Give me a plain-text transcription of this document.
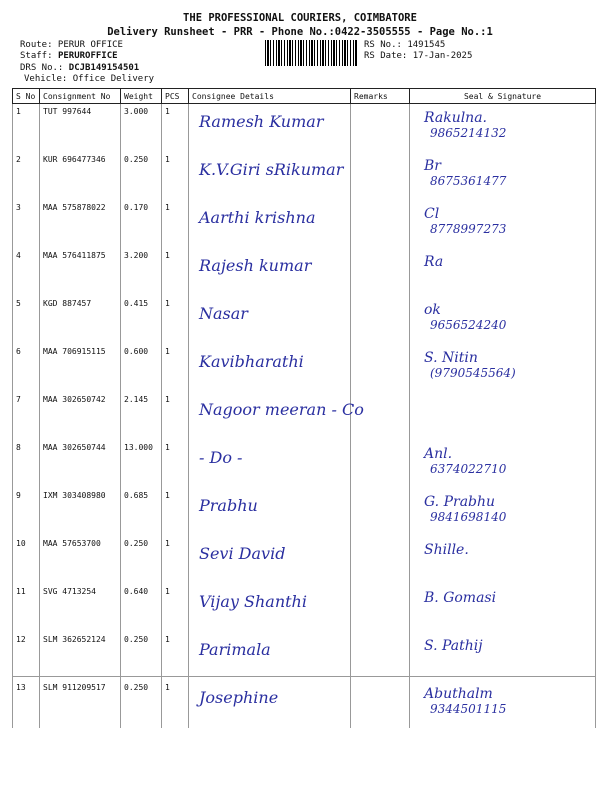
THE PROFESSIONAL COURIERS, COIMBATORE
Delivery Runsheet - PRR - Phone No.:0422-3505555 - Page No.:1
Route: PERUR OFFICE
Staff: PERUROFFICE
DRS No.: DCJB149154501
Vehicle: Office Delivery
RS No.: 1491545
RS Date: 17-Jan-2025
S No	Consignment No	Weight	PCS	Consignee Details	Remarks	Seal & Signature
1	TUT 997644	3.000	1	Ramesh Kumar		Rakulna.
9865214132

2	KUR 696477346	0.250	1	K.V.Giri sRikumar		Br
8675361477

3	MAA 575878022	0.170	1	Aarthi krishna		Cl
8778997273

4	MAA 576411875	3.200	1	Rajesh kumar		Ra

5	KGD 887457	0.415	1	Nasar		ok
9656524240

6	MAA 706915115	0.600	1	Kavibharathi		S. Nitin
(9790545564)

7	MAA 302650742	2.145	1	Nagoor meeran - Co		

8	MAA 302650744	13.000	1	- Do -		Anl.
6374022710

9	IXM 303408980	0.685	1	Prabhu		G. Prabhu
9841698140

10	MAA 57653700	0.250	1	Sevi David		Shille.

11	SVG 4713254	0.640	1	Vijay Shanthi		B. Gomasi

12	SLM 362652124	0.250	1	Parimala		S. Pathij

13	SLM 911209517	0.250	1	Josephine		Abuthalm
9344501115
